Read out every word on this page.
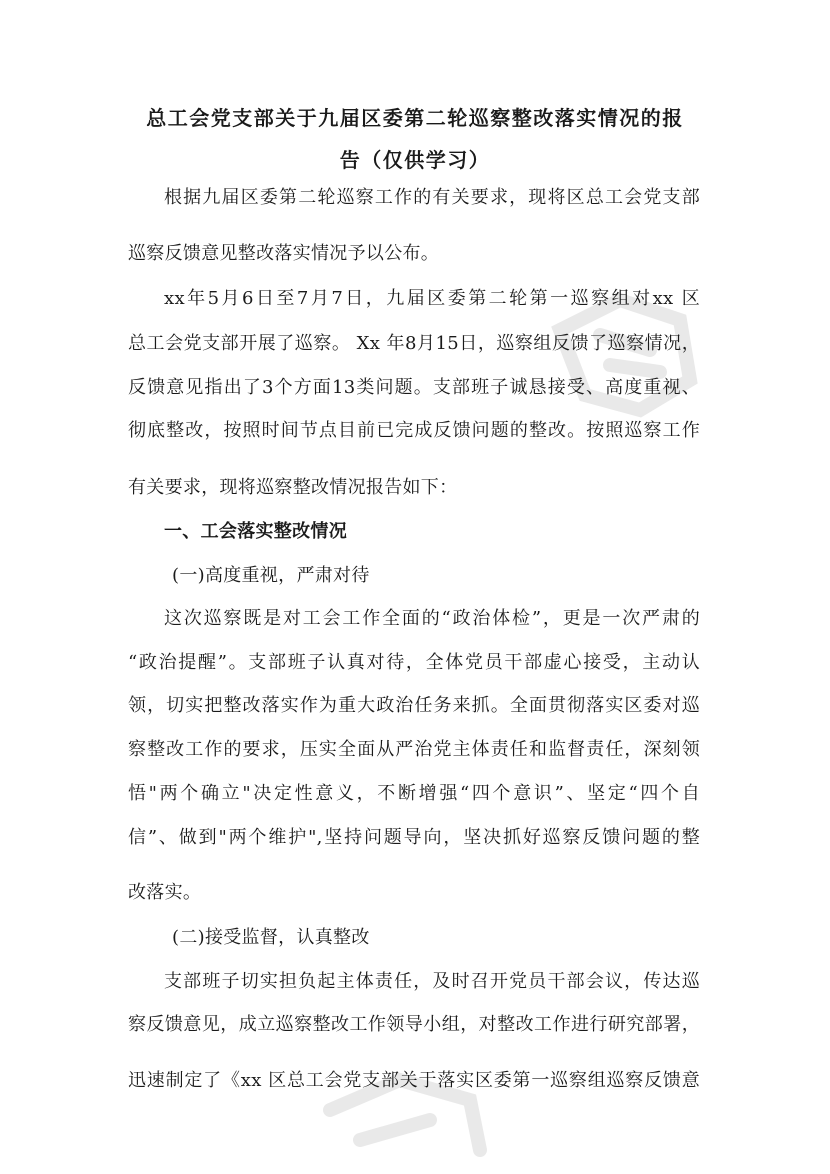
总工会党支部关于九届区委第二轮巡察整改落实情况的报
告（仅供学习）
根据九届区委第二轮巡察工作的有关要求，现将区总工会党支部
巡察反馈意见整改落实情况予以公布。
xx年5月6日至7月7日，九届区委第二轮第一巡察组对xx 区
总工会党支部开展了巡察。 Xx 年8月15日，巡察组反馈了巡察情况，
反馈意见指出了3个方面13类问题。支部班子诚恳接受、高度重视、
彻底整改，按照时间节点目前已完成反馈问题的整改。按照巡察工作
有关要求，现将巡察整改情况报告如下：
一、工会落实整改情况
(一)高度重视，严肃对待
这次巡察既是对工会工作全面的“政治体检”，更是一次严肃的
“政治提醒”。支部班子认真对待，全体党员干部虚心接受，主动认
领，切实把整改落实作为重大政治任务来抓。全面贯彻落实区委对巡
察整改工作的要求，压实全面从严治党主体责任和监督责任，深刻领
悟"两个确立"决定性意义，不断增强“四个意识”、坚定“四个自
信”、做到"两个维护",坚持问题导向，坚决抓好巡察反馈问题的整
改落实。
(二)接受监督，认真整改
支部班子切实担负起主体责任，及时召开党员干部会议，传达巡
察反馈意见，成立巡察整改工作领导小组，对整改工作进行研究部署，
迅速制定了《xx 区总工会党支部关于落实区委第一巡察组巡察反馈意
